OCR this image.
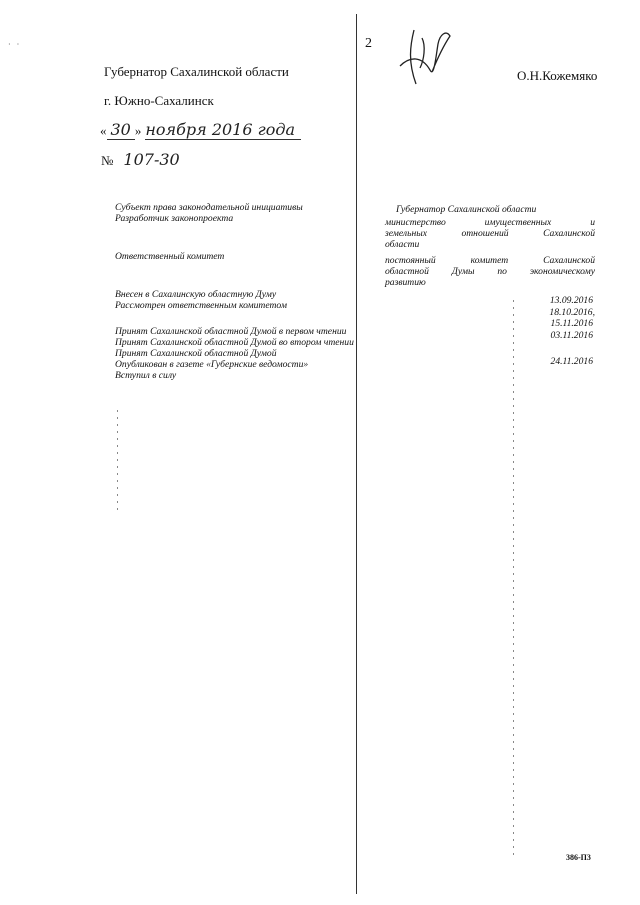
2
·   ·
О.Н.Кожемяко
Губернатор Сахалинской области
г. Южно-Сахалинск
« 30 » ноября 2016 года
№ 107-30
Субъект права законодательной инициативы
Разработчик законопроекта
Ответственный комитет
Внесен в Сахалинскую областную Думу
Рассмотрен ответственным комитетом
Принят Сахалинской областной Думой в первом чтении
Принят Сахалинской областной Думой во втором чтении
Принят Сахалинской областной Думой
Опубликован в газете «Губернские ведомости»
Вступил в силу
Губернатор Сахалинской области
министерство имущественных и
земельных отношений Сахалинской
области
постоянный комитет Сахалинской
областной Думы по экономическому
развитию
13.09.2016
18.10.2016,
15.11.2016
03.11.2016
24.11.2016
386-П3
